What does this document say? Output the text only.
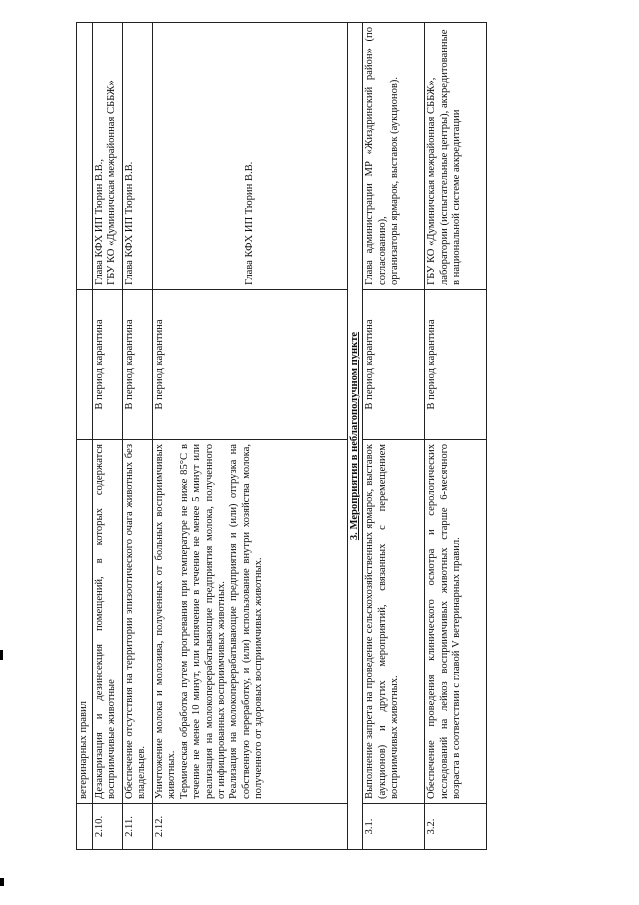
	ветеринарных правил		
2.10.	Дезакаризация и дезинсекция помещений, в которых содержатся восприимчивые животные	В период карантина	Глава КФХ ИП Тюрин В.В., ГБУ КО «Думиничская межрайонная СББЖ»

2.11.	Обеспечение отсутствия на территории эпизоотического очага животных без владельцев.	В период карантина	Глава КФХ ИП Тюрин В.В.
2.12.	Уничтожение молока и молозива, полученных от больных восприимчивых животных. Термическая обработка путем прогревания при температуре не ниже 85°С в течение не менее 10 минут, или кипячение в течение не менее 5 минут или реализация на молокоперерабатывающие предприятия молока, полученного от инфицированных восприимчивых животных. Реализация на молокоперерабатывающие предприятия и (или) отгрузка на собственную переработку, и (или) использование внутри хозяйства молока, полученного от здоровых восприимчивых животных.	В период карантина	Глава КФХ ИП Тюрин В.В.
3. Мероприятия в неблагополучном пункте			
3.1.	Выполнение запрета на проведение сельскохозяйственных ярмарок, выставок (аукционов) и других мероприятий, связанных с перемещением восприимчивых животных.	В период карантина	Глава администрации МР «Жиздринский район» (по согласованию), организаторы ярмарок, выставок (аукционов).

3.2.	Обеспечение проведения клинического осмотра и серологических исследований на лейкоз восприимчивых животных старше 6-месячного возраста в соответствии с главой V ветеринарных правил.	В период карантина	ГБУ КО «Думиничская межрайонная СББЖ», лаборатории (испытательные центры), аккредитованные в национальной системе аккредитации
